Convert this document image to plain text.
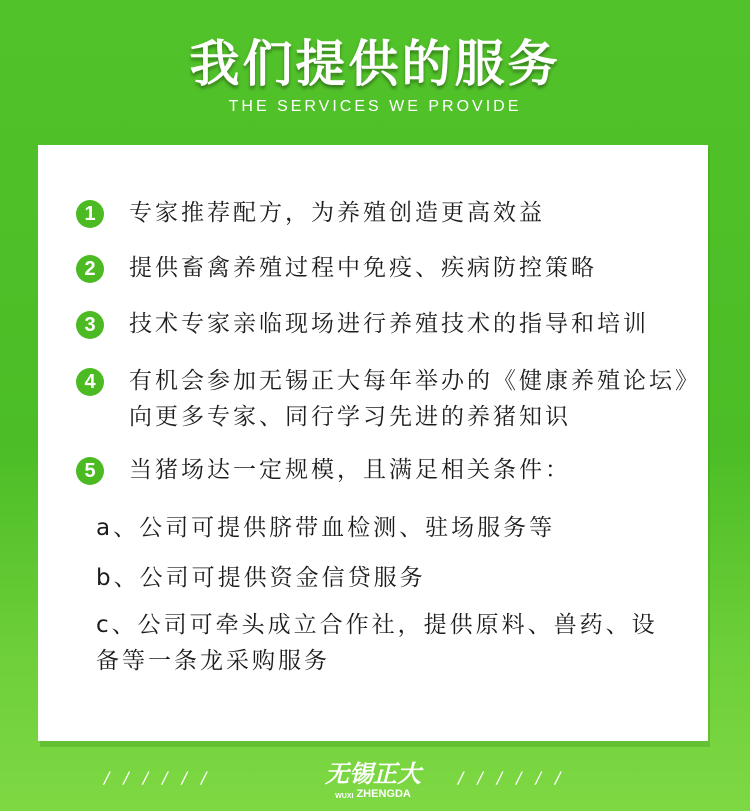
我们提供的服务
THE SERVICES WE PROVIDE
1	专家推荐配方，为养殖创造更高效益
2	提供畜禽养殖过程中免疫、疾病防控策略
3	技术专家亲临现场进行养殖技术的指导和培训
4	有机会参加无锡正大每年举办的《健康养殖论坛》
向更多专家、同行学习先进的养猪知识
5	当猪场达一定规模，且满足相关条件：
a、公司可提供脐带血检测、驻场服务等
b、公司可提供资金信贷服务
c、公司可牵头成立合作社，提供原料、兽药、设
备等一条龙采购服务
//////	无锡正大
WUXI ZHENGDA
//////
